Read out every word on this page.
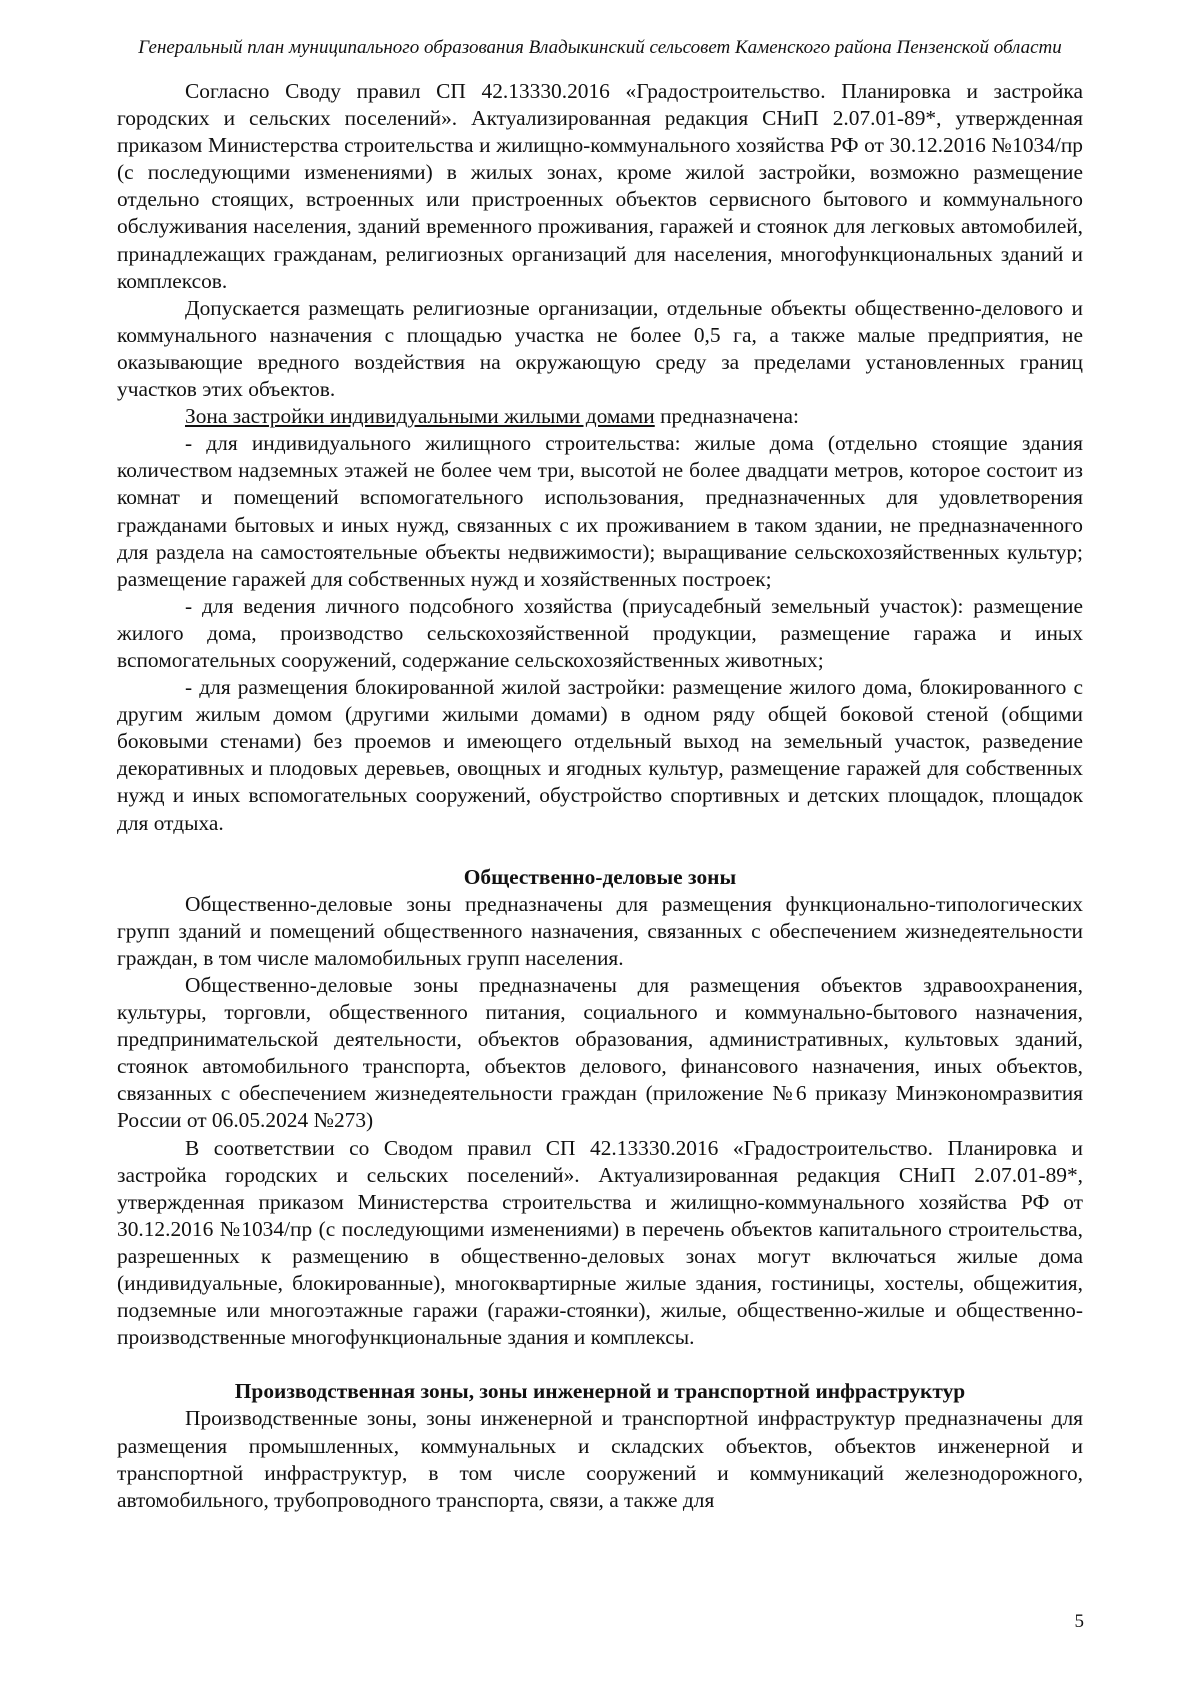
Генеральный план муниципального образования Владыкинский сельсовет Каменского района Пензенской области

Согласно Своду правил СП 42.13330.2016 «Градостроительство. Планировка и застройка городских и сельских поселений». Актуализированная редакция СНиП 2.07.01-89*, утвержденная приказом Министерства строительства и жилищно-коммунального хозяйства РФ от 30.12.2016 №1034/пр (с последующими изменениями) в жилых зонах, кроме жилой застройки, возможно размещение отдельно стоящих, встроенных или пристроенных объектов сервисного бытового и коммунального обслуживания населения, зданий временного проживания, гаражей и стоянок для легковых автомобилей, принадлежащих гражданам, религиозных организаций для населения, многофункциональных зданий и комплексов.

Допускается размещать религиозные организации, отдельные объекты общественно-делового и коммунального назначения с площадью участка не более 0,5 га, а также малые предприятия, не оказывающие вредного воздействия на окружающую среду за пределами установленных границ участков этих объектов.

Зона застройки индивидуальными жилыми домами предназначена:

- для индивидуального жилищного строительства: жилые дома (отдельно стоящие здания количеством надземных этажей не более чем три, высотой не более двадцати метров, которое состоит из комнат и помещений вспомогательного использования, предназначенных для удовлетворения гражданами бытовых и иных нужд, связанных с их проживанием в таком здании, не предназначенного для раздела на самостоятельные объекты недвижимости); выращивание сельскохозяйственных культур; размещение гаражей для собственных нужд и хозяйственных построек;

- для ведения личного подсобного хозяйства (приусадебный земельный участок): размещение жилого дома, производство сельскохозяйственной продукции, размещение гаража и иных вспомогательных сооружений, содержание сельскохозяйственных животных;

- для размещения блокированной жилой застройки: размещение жилого дома, блокированного с другим жилым домом (другими жилыми домами) в одном ряду общей боковой стеной (общими боковыми стенами) без проемов и имеющего отдельный выход на земельный участок, разведение декоративных и плодовых деревьев, овощных и ягодных культур, размещение гаражей для собственных нужд и иных вспомогательных сооружений, обустройство спортивных и детских площадок, площадок для отдыха.

Общественно-деловые зоны

Общественно-деловые зоны предназначены для размещения функционально-типологических групп зданий и помещений общественного назначения, связанных с обеспечением жизнедеятельности граждан, в том числе маломобильных групп населения.

Общественно-деловые зоны предназначены для размещения объектов здравоохранения, культуры, торговли, общественного питания, социального и коммунально-бытового назначения, предпринимательской деятельности, объектов образования, административных, культовых зданий, стоянок автомобильного транспорта, объектов делового, финансового назначения, иных объектов, связанных с обеспечением жизнедеятельности граждан (приложение №6 приказу Минэкономразвития России от 06.05.2024 №273)

В соответствии со Сводом правил СП 42.13330.2016 «Градостроительство. Планировка и застройка городских и сельских поселений». Актуализированная редакция СНиП 2.07.01-89*, утвержденная приказом Министерства строительства и жилищно-коммунального хозяйства РФ от 30.12.2016 №1034/пр (с последующими изменениями) в перечень объектов капитального строительства, разрешенных к размещению в общественно-деловых зонах могут включаться жилые дома (индивидуальные, блокированные), многоквартирные жилые здания, гостиницы, хостелы, общежития, подземные или многоэтажные гаражи (гаражи-стоянки), жилые, общественно-жилые и общественно-производственные многофункциональные здания и комплексы.

Производственная зоны, зоны инженерной и транспортной инфраструктур

Производственные зоны, зоны инженерной и транспортной инфраструктур предназначены для размещения промышленных, коммунальных и складских объектов, объектов инженерной и транспортной инфраструктур, в том числе сооружений и коммуникаций железнодорожного, автомобильного, трубопроводного транспорта, связи, а также для

5
